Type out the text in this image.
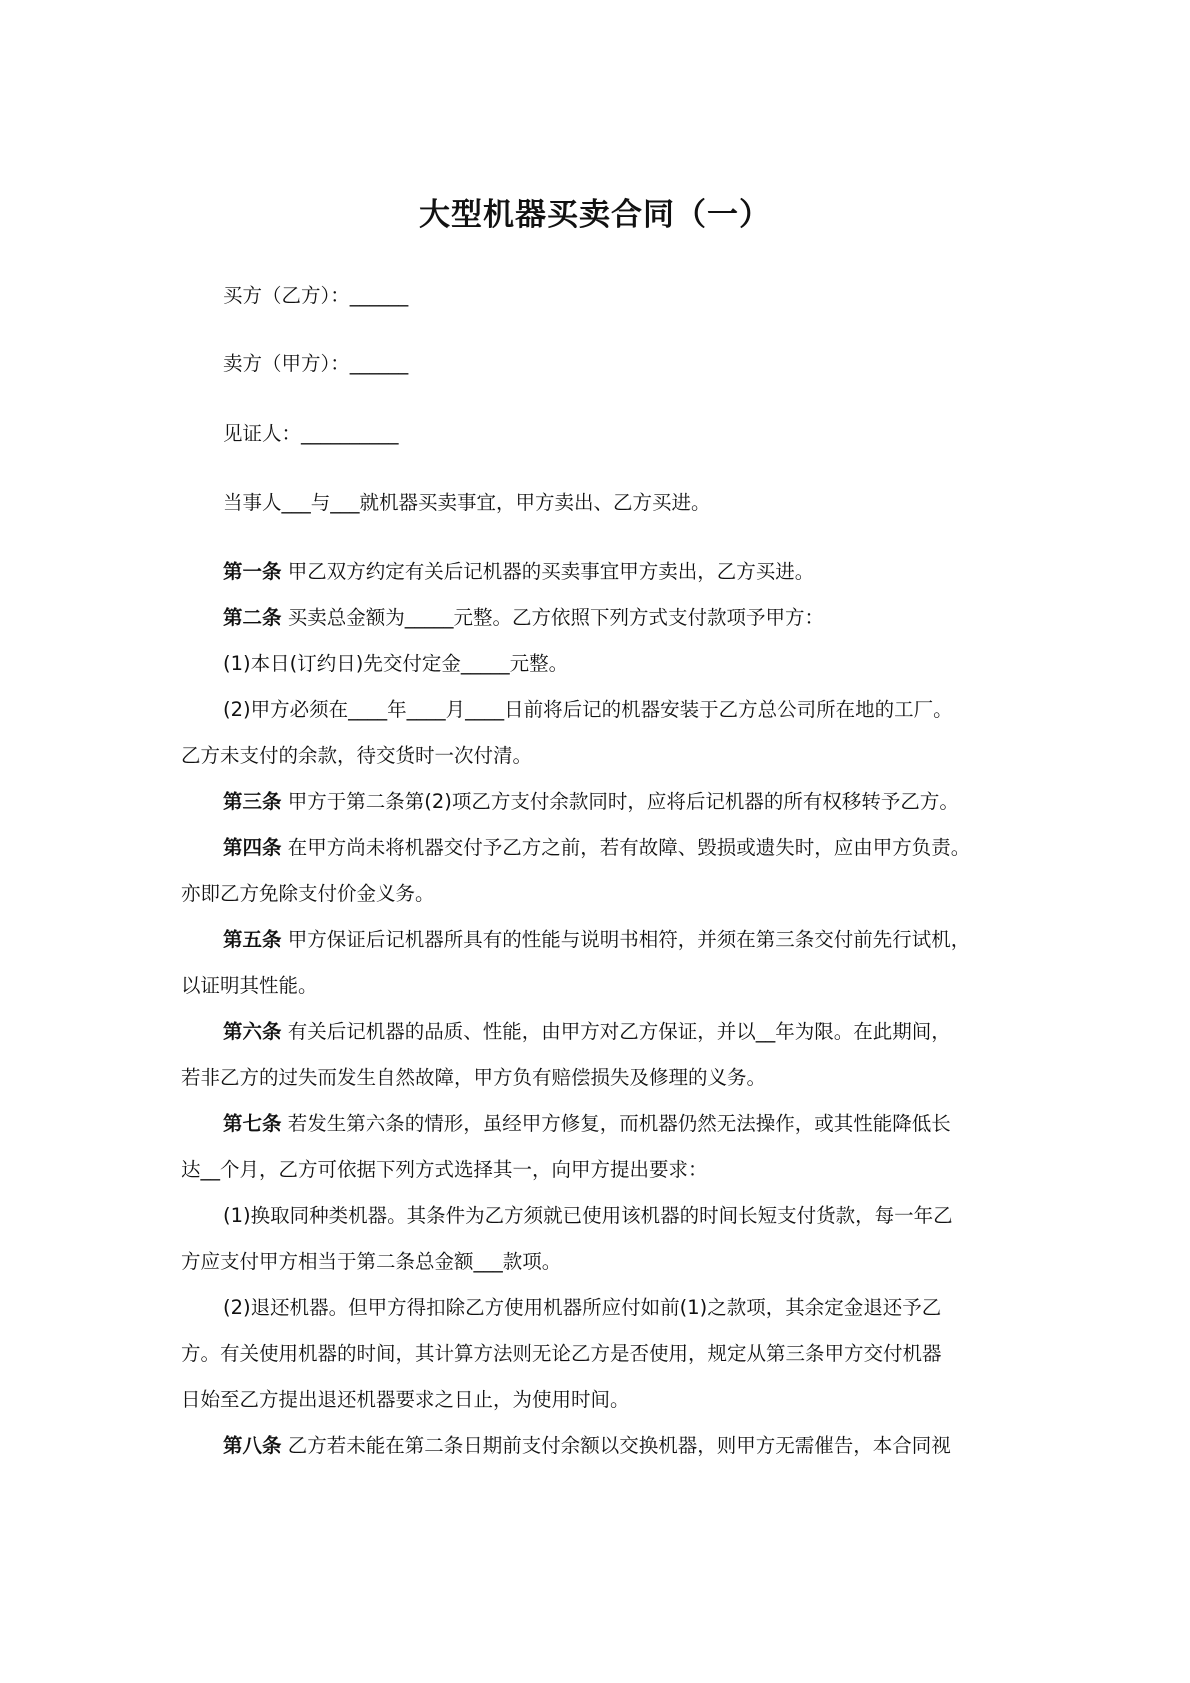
大型机器买卖合同（一）
买方（乙方）：______
卖方（甲方）：______
见证人：__________
当事人___与___就机器买卖事宜，甲方卖出、乙方买进。
第一条 甲乙双方约定有关后记机器的买卖事宜甲方卖出，乙方买进。
第二条 买卖总金额为_____元整。乙方依照下列方式支付款项予甲方：
(1)本日(订约日)先交付定金_____元整。
(2)甲方必须在____年____月____日前将后记的机器安装于乙方总公司所在地的工厂。
乙方未支付的余款，待交货时一次付清。
第三条 甲方于第二条第(2)项乙方支付余款同时，应将后记机器的所有权移转予乙方。
第四条 在甲方尚未将机器交付予乙方之前，若有故障、毁损或遗失时，应由甲方负责。
亦即乙方免除支付价金义务。
第五条 甲方保证后记机器所具有的性能与说明书相符，并须在第三条交付前先行试机，
以证明其性能。
第六条 有关后记机器的品质、性能，由甲方对乙方保证，并以__年为限。在此期间，
若非乙方的过失而发生自然故障，甲方负有赔偿损失及修理的义务。
第七条 若发生第六条的情形，虽经甲方修复，而机器仍然无法操作，或其性能降低长
达__个月，乙方可依据下列方式选择其一，向甲方提出要求：
(1)换取同种类机器。其条件为乙方须就已使用该机器的时间长短支付货款，每一年乙
方应支付甲方相当于第二条总金额___款项。
(2)退还机器。但甲方得扣除乙方使用机器所应付如前(1)之款项，其余定金退还予乙
方。有关使用机器的时间，其计算方法则无论乙方是否使用，规定从第三条甲方交付机器
日始至乙方提出退还机器要求之日止，为使用时间。
第八条 乙方若未能在第二条日期前支付余额以交换机器，则甲方无需催告，本合同视
